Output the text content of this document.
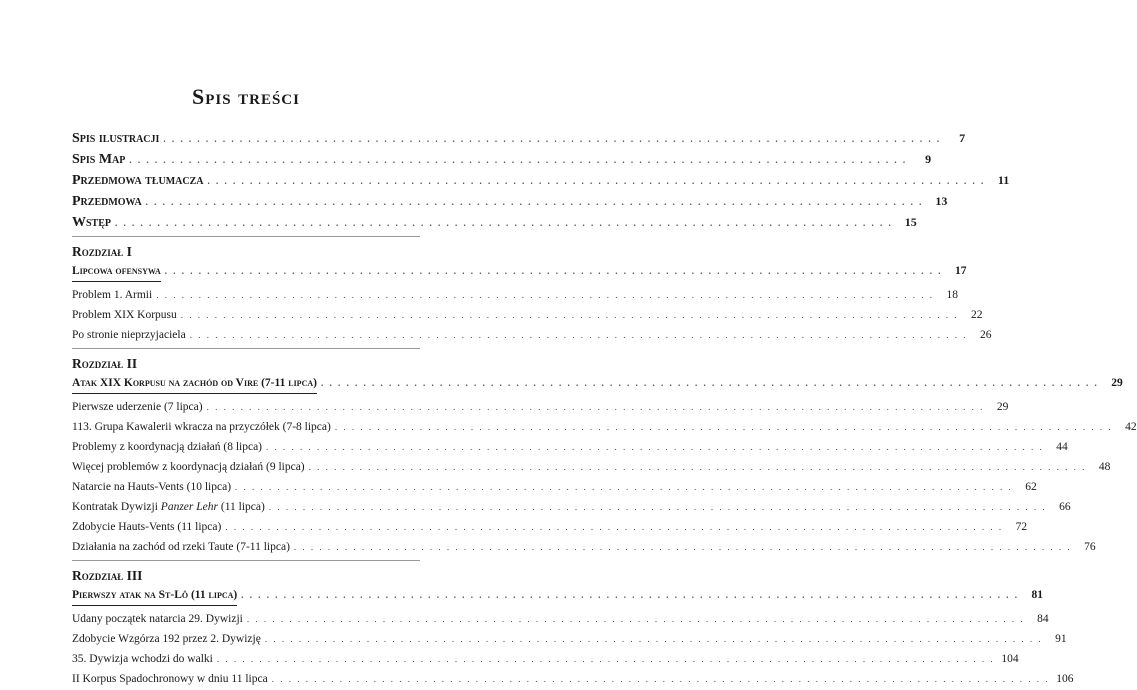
Spis treści
Spis ilustracji . . .	7
Spis Map . . .	9
Przedmowa tłumacza . . .	11
Przedmowa . . .	13
Wstęp . . .	15
Rozdział I
Lipcowa ofensywa . . .	17
Problem 1. Armii . . .	18
Problem XIX Korpusu . . .	22
Po stronie nieprzyjaciela . . .	26
Rozdział II
Atak XIX Korpusu na zachód od Vire (7-11 lipca) . . .	29
Pierwsze uderzenie (7 lipca) . . .	29
113. Grupa Kawalerii wkracza na przyczółek (7-8 lipca) . . .	42
Problemy z koordynacją działań (8 lipca) . . .	44
Więcej problemów z koordynacją działań (9 lipca) . . .	48
Natarcie na Hauts-Vents (10 lipca) . . .	62
Kontratak Dywizji Panzer Lehr (11 lipca) . . .	66
Zdobycie Hauts-Vents (11 lipca) . . .	72
Działania na zachód od rzeki Taute (7-11 lipca) . . .	76
Rozdział III
Pierwszy atak na St-Lô (11 lipca) . . .	81
Udany początek natarcia 29. Dywizji . . .	84
Zdobycie Wzgórza 192 przez 2. Dywizję . . .	91
35. Dywizja wchodzi do walki . . .	104
II Korpus Spadochronowy w dniu 11 lipca . . .	106
